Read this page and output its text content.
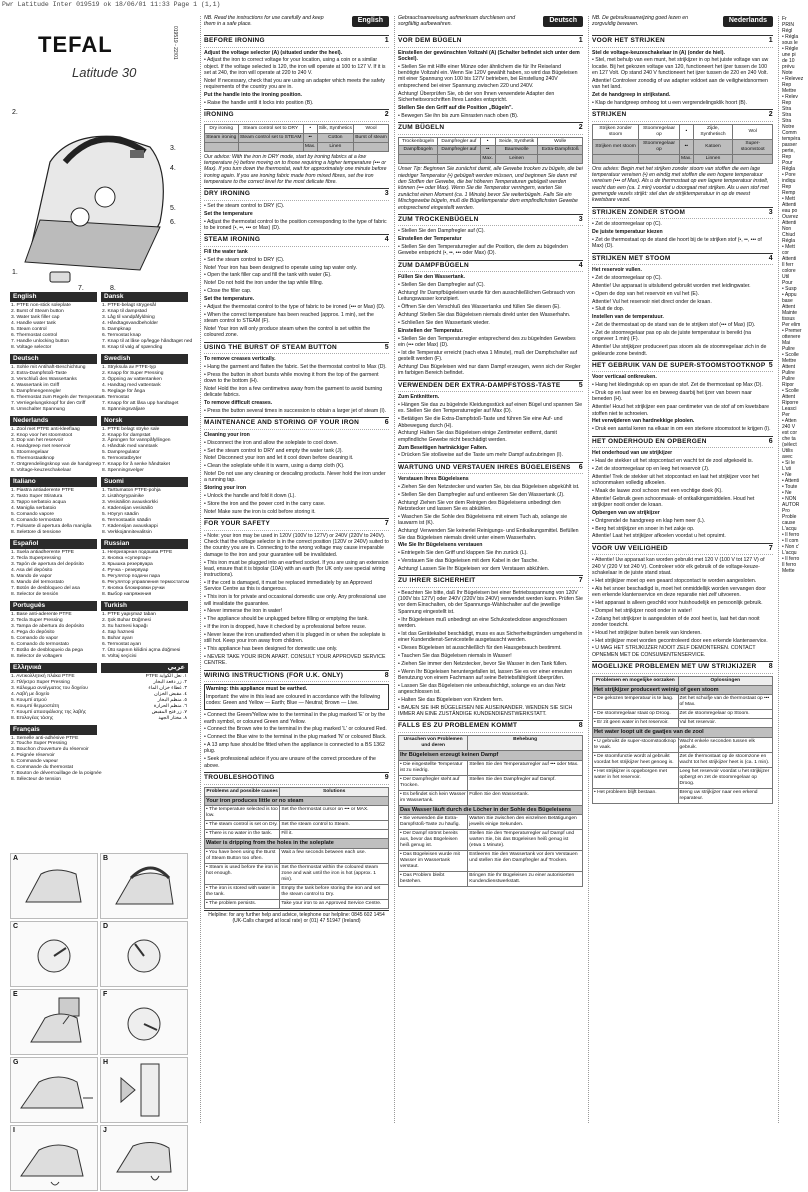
Pwr Latitude Inter 019519 ok 18/06/01 11:33 Page 1 (1,1)
TEFAL
Latitude 30
019519 - 22/01
1.
2.
3.
4.
5.
6.
7.	8.
English
1. PTFE non-stick soleplate
2. Burst of Steam button
3. Water tank filler cap
4. Handle water tank
5. Steam control
6. Thermostat control
7. Handle unlocking button
8. Voltage selector
Dansk
1. PTFE-belagt strygesål
2. Knap til dampstød
3. Låg til vandpåfyldning
4. Håndtagsvandbeholder
5. Dampknap
6. Termostat knap
7. Knap til at låse op/legge håndtaget ned
8. Knap til valg af spænding
Deutsch
1. Sohle mit Antihaft-Beschichtung
2. Extra-Dampfstoß-Taste
3. Verschluß des Wassertanks
4. Wassertank im Griff
5. Dampfmengenregler
6. Thermostat zum Regeln der Temperatur
7. Verriegelungsknopf für den Griff
8. Umschalter Spannung
Swedish
1. Stryksula av PTFE-typ
2. Knapp för Super Pressing
3. Öppning av vattentanken
4. Handtag med vattentank
5. Reglage för ånga
6. Termostat
7. Knapp för att låsa upp handtaget
8. Spänningsväljare
Nederlands
1. Zool met PTFE anti-kleeflaag
2. Knop voor het stoomstoot
3. Dop van het reservoir
4. Handgreep met reservoir
5. Stoomregelaar
6. Thermostaatknop
7. Ontgrendelingsknop van de handgreep
8. Voltage-keuzeschakelaar
Norsk
1. PTFE belagt stryke sale
2. Knapp for dampstøt
3. Åpningen for vannpåfyllingen
4. Håndtak med vanntank
5. Dampregulator
6. Termostatbryter
7. Knapp for å senke håndtaket
8. Spenningsvelger
Italiano
1. Piastra antiaderente PTFE
2. Tasto Super Stiratura
3. Tappo serbatoio acqua
4. Maniglia serbatoio
5. Comando vapore
6. Comando termostato
7. Pulsante di apertura della maniglia
8. Selettore di tensione
Suomi
1. Tarttumaton PTFE-pohja
2. Lisähöyrypainike
3. Vesisäiliön avauskorkki
4. Kädensijan vesisäiliö
5. Höyryn säädin
6. Termostaatin säädin
7. Kädensijan avauskappi
8. Verkkojännitevalitsin
Español
1. Suela antiadherente PTFE
2. Tecla Superpressing
3. Tapón de apertura del depósito
4. Asa del depósito
5. Mando de vapor
6. Mando del termostato
7. Botón de desbloqueo del asa
8. Selector de tensión
Russian
1. Непригарная подошва PTFE
2. Кнопка «суперпар»
3. Крышка резервуара
4. Ручка - резервуар
5. Регулятор подачи пара
6. Регулятор управления термостатом
7. Кнопка блокировки ручки
8. Выбор напряжения
Português
1. Base anti-aderente PTFE
2. Tecla Super Pressing
3. Tampa de abertura do depósito
4. Pega do depósito
5. Comando do vapor
6. Comando do termostato
7. Botão de desbloqueio da pega
8. Selector de voltagem
Turkish
1. PTFE yapışmaz taban
2. Şok Buhar Düğmesi
3. Su haznesi kapağı
4. Sap haznesi
5. Buhar ayarı
6. Termostat ayarı
7. Ütü sapının kilidini açma düğmesi
8. Voltaj seçicisi
Ελληνικά
1. Αντικολλητική πλάκα PTFE
2. Πλήκτρο Super Pressing
3. Κάλυμμα ανοίγματος του δοχείου
4. Λαβή με δοχείο
5. Κουμπί ατμού
6. Κουμπί θερμοστάτη
7. Κουμπί απασφάλισης της λαβής
8. Επιλογέας τάσης
عربي
١. نعل الكواية PTFE
٢. زر دفعة البخار
٣. غطاء خزان الماء
٤. مقبض الخزان
٥. منظم البخار
٦. منظم الحرارة
٧. زر فتح المقبض
٨. مختار الجهد
Français
1. Semelle anti-adhésive PTFE
2. Touche Super Pressing
3. Bouchon d'ouverture du réservoir
4. Poignée réservoir
5. Commande vapeur
6. Commande du thermostat
7. Bouton de déverrouillage de la poignée
8. Sélecteur de tension
A	B
C	D
E	F
G	H
I	J
NB. Read the instructions for use carefully and keep them in a safe place.	English
BEFORE IRONING	1

Adjust the voltage selector (A) (situated under the heel).

• Adjust the iron to correct voltage for your location, using a coin or a similar object. If the voltage selected is 120, the iron will operate at 100 to 127 V. If it is set at 240, the iron will operate at 220 to 240 V.

Note! If necessary, check that you are using an adapter which meets the safety requirements of the country you are in.

Put the handle into the ironing position.

• Raise the handle until it locks into position (B).

IRONING	2
Dry ironing	Steam control set to DRY	•	Silk, Synthetics	Wool
Steam ironing	Steam control set to STEAM	••	Cotton	Burst of steam
		Max.	Linen	

Our advice: With the iron in DRY mode, start by ironing fabrics at a low temperature (•) before moving on to those requiring a higher temperature (••• or Max). If you turn down the thermostat, wait for approximately one minute before ironing again. If you are ironing fabric made from mixed fibres, set the iron temperature to the correct level for the most delicate fibre.

DRY IRONING	3

• Set the steam control to DRY (C).

Set the temperature

• Adjust the thermostat control to the position corresponding to the type of fabric to be ironed (•, ••, ••• or Max) (D).

STEAM IRONING	4

Fill the water tank

• Set the steam control to DRY (C).

Note! Your iron has been designed to operate using tap water only.

• Open the tank filler cap and fill the tank with water (E).

Note! Do not hold the iron under the tap while filling.

• Close the filler cap.

Set the temperature.

• Adjust the thermostat control to the type of fabric to be ironed (••• or Max) (D).

• When the correct temperature has been reached (approx. 1 min), set the steam control to STEAM (F).

Note! Your iron will only produce steam when the control is set within the coloured zone.

USING THE BURST OF STEAM BUTTON	5

To remove creases vertically.

• Hang the garment and flatten the fabric. Set the thermostat control to Max (D).

• Press the button in short bursts while moving it from the top of the garment down to the bottom (H).

Note! Hold the iron a few centimetres away from the garment to avoid burning delicate fabrics.

To remove difficult creases.

• Press the button several times in succession to obtain a larger jet of steam (I).

MAINTENANCE AND STORING OF YOUR IRON	6

Cleaning your iron

• Disconnect the iron and allow the soleplate to cool down.

• Set the steam control to DRY and empty the water tank (J).

Note! Disconnect your iron and let it cool down before cleaning it.

• Clean the soleplate while it is warm, using a damp cloth (K).

Note! Do not use any cleaning or descaling products. Never hold the iron under a running tap.

Storing your iron

• Unlock the handle and fold it down (L).

• Store the iron and the power cord in the carry case.

Note! Make sure the iron is cold before storing it.

FOR YOUR SAFETY	7

• Note: your iron may be used in 120V (100V to 127V) or 240V (220V to 240V). Check that the voltage selector is in the correct position (120V or 240V) suited to the country you are in. Connecting to the wrong voltage may cause irreparable damage to the iron and your guarantee will be invalidated.

• This iron must be plugged into an earthed socket. If you are using an extension lead, ensure that it is bipolar (10A) with an earth (for UK only see special wiring instructions).

• If the cord is damaged, it must be replaced immediately by an Approved Service Centre as this is dangerous.

• This iron is for private and occasional domestic use only. Any professional use will invalidate the guarantee.

• Never immerse the iron in water!

• The appliance should be unplugged before filling or emptying the tank.

• If the iron is dropped, have it checked by a professional before reuse.

• Never leave the iron unattended when it is plugged in or when the soleplate is still hot. Keep your iron away from children.

• This appliance has been designed for domestic use only.

• NEVER TAKE YOUR IRON APART. CONSULT YOUR APPROVED SERVICE CENTRE.

WIRING INSTRUCTIONS (FOR U.K. ONLY)	8

Warning: this appliance must be earthed.

Important: the wire in this lead are coloured in accordance with the following codes: Green and Yellow — Earth; Blue — Neutral; Brown — Live.

• Connect the Green/Yellow wire to the terminal in the plug marked 'E' or by the earth symbol, or coloured Green and Yellow.

• Connect the Brown wire to the terminal in the plug marked 'L' or coloured Red.

• Connect the Blue wire to the terminal in the plug marked 'N' or coloured Black.

• A 13 amp fuse should be fitted when the appliance is connected to a BS 1362 plug.

• Seek professional advice if you are unsure of the correct procedure of the above.

TROUBLESHOOTING	9
Problems and possible causes	Solutions
Your iron produces little or no steam	
• The temperature selected is too low.	Set the thermostat cursor on ••• or MAX.
• The steam control is set on Dry.	Set the steam control to Steam.
• There is no water in the tank.	Fill it.
Water is dripping from the holes in the soleplate	
• You have been using the Burst of Steam Button too often.	Wait a few seconds between each use.
• Steam is used before the iron is hot enough.	Set the thermostat within the coloured steam zone and wait until the iron is hot (approx. 1 min).
• The iron is stored with water in the tank.	Empty the tank before storing the iron and set the steam control to Dry.
• The problem persists.	Take your iron to an Approved Service Centre.
Helpline: for any further help and advice, telephone our helpline: 0845 602 1454 (UK-Calls charged at local rate) or (01) 47 51947 (Ireland)
Gebrauchsanweisung aufmerksam durchlesen und sorgfältig aufbewahren.	Deutsch
VOR DEM BÜGELN	1

Einstellen der gewünschten Voltzahl (A) (Schalter befindet sich unter dem Sockel).

• Stellen Sie mit Hilfe einer Münze oder ähnlichem die für Ihr Reiseland benötigte Voltzahl ein. Wenn Sie 120V gewählt haben, so wird das Bügeleisen mit einer Spannung von 100 bis 127V betrieben, bei Einstellung 240V entsprechend bei einer Spannung zwischen 220 und 240V.

Achtung! Überprüfen Sie, ob der von Ihnen verwendete Adapter den Sicherheitsvorschriften Ihres Landes entspricht.

Stellen Sie den Griff auf die Position „Bügeln".

• Bewegen Sie ihn bis zum Einrasten nach oben (B).

ZUM BÜGELN	2
Trockenbügeln	Dampfregler auf	•	Seide, Synthetik	Wolle
Dampfbügeln	Dampfregler auf	••	Baumwolle	Extra-Dampfstoß
		Max.	Leinen	

Unser Tip: Beginnen Sie zunächst damit, alle Gewebe trocken zu bügeln, die bei niedriger Temperatur (•) gebügelt werden müssen, und beginnen Sie dann mit den Stoffen der Gewebe, die bei höheren Temperaturen gebügelt werden können (••• oder Max). Wenn Sie die Temperatur verringern, warten Sie zunächst einen Moment (ca. 1 Minute) bevor Sie weiterbügeln. Falls Sie ein Mischgewebe bügeln, muß die Bügeltemperatur dem empfindlichsten Gewebe entsprechend eingestellt werden.

ZUM TROCKENBÜGELN	3

• Stellen Sie den Dampfregler auf (C).

Einstellen der Temperatur

• Stellen Sie den Temperaturregler auf die Position, die dem zu bügelnden Gewebe entspricht (•, ••, ••• oder Max) (D).

ZUM DAMPFBÜGELN	4

Füllen Sie den Wassertank.

• Stellen Sie den Dampfregler auf (C).

Achtung! Ihr Dampfbügeleisen wurde für den ausschließlichen Gebrauch von Leitungswasser konzipiert.

• Öffnen Sie den Verschluß des Wassertanks und füllen Sie diesen (E).

Achtung! Stellen Sie das Bügeleisen niemals direkt unter den Wasserhahn.

• Schließen Sie den Wassertank wieder.

Einstellen der Temperatur.

• Stellen Sie den Temperaturregler entsprechend des zu bügelnden Gewebes ein (••• oder Max) (D).

• Ist die Temperatur erreicht (nach etwa 1 Minute), muß der Dampfschalter auf gestellt werden (F).

Achtung! Das Bügeleisen wird nur dann Dampf erzeugen, wenn sich der Regler im farbigen Bereich befindet.

VERWENDEN DER EXTRA-DAMPFSTOSS-TASTE	5

Zum Entknittern.

• Hängen Sie das zu bügelnde Kleidungsstück auf einen Bügel und spannen Sie es. Stellen Sie den Temperaturregler auf Max (D).

• Betätigen Sie die Extra-Dampfstoß-Taste und führen Sie eine Auf- und Abbewegung durch (H).

Achtung! Halten Sie das Bügeleisen einige Zentimeter entfernt, damit empfindliche Gewebe nicht beschädigt werden.

Zum Beseitigen hartnäckiger Falten.

• Drücken Sie stoßweise auf die Taste um mehr Dampf aufzubringen (I).

WARTUNG UND VERSTAUEN IHRES BÜGELEISENS 6

Verstauen Ihres Bügeleisens

• Ziehen Sie den Netzstecker und warten Sie, bis das Bügeleisen abgekühlt ist.

• Stellen Sie den Dampfregler auf und entleeren Sie den Wassertank (J).

Achtung! Ziehen Sie vor dem Reinigen des Bügeleisens unbedingt den Netzstecker und lassen Sie es abkühlen.

• Waschen Sie die Sohle des Bügeleisens mit einem Tuch ab, solange sie lauwarm ist (K).

Achtung! Verwenden Sie keinerlei Reinigungs- und Entkalkungsmittel. Befüllen Sie das Bügeleisen niemals direkt unter einem Wasserhahn.

Wie Sie Ihr Bügeleisens verstauen

• Entriegeln Sie den Griff und klappen Sie ihn zurück (L).

• Verstauen Sie das Bügeleisen mit dem Kabel in der Tasche.

Achtung! Lassen Sie Ihr Bügeleisen vor dem Verstauen abkühlen.

ZU IHRER SICHERHEIT	7

• Beachten Sie bitte, daß Ihr Bügeleisen bei einer Betriebsspannung von 120V (100V bis 127V) oder 240V (220V bis 240V) verwendet werden kann. Prüfen Sie vor dem Einschalten, ob der Spannungs-Wählschalter auf die jeweilige Spannung eingestellt ist.

• Ihr Bügeleisen muß unbedingt an eine Schukosteckdose angeschlossen werden.

• Ist das Gerätekabel beschädigt, muss es aus Sicherheitsgründen umgehend in einer Kundendienst-Servicestelle ausgetauscht werden.

• Dieses Bügeleisen ist ausschließlich für den Hausgebrauch bestimmt.

• Tauchen Sie das Bügeleisen niemals in Wasser!

• Ziehen Sie immer den Netzstecker, bevor Sie Wasser in den Tank füllen.

• Wenn Ihr Bügeleisen heruntergefallen ist, lassen Sie es vor einer erneuten Benutzung von einem Fachmann auf seine Betriebsfähigkeit überprüfen.

• Lassen Sie das Bügeleisen nie unbeaufsichtigt, solange es an das Netz angeschlossen ist.

• Halten Sie das Bügeleisen von Kindern fern.

• BAUEN SIE IHR BÜGELEISEN NIE AUSEINANDER. WENDEN SIE SICH IMMER AN EINE ZUSTÄNDIGE KUNDENDIENSTWERKSTATT.

FALLS ES ZU PROBLEMEN KOMMT	8
Ursachen von Problemen und deren	Behebung
Ihr Bügeleisen erzeugt keinen Dampf	
• Die eingestellte Temperatur ist zu niedrig.	Stellen Sie den Temperaturregler auf ••• oder Max.
• Der Dampfregler steht auf Trocken.	Stellen Sie den Dampfregler auf Dampf.
• Es befindet sich kein Wasser im Wassertank.	Füllen Sie den Wassertank.
Das Wasser läuft durch die Löcher in der Sohle des Bügeleisens	
• Sie verwenden die Extra-Dampfstoß-Taste zu häufig.	Warten Sie zwischen den einzelnen Betätigungen jeweils einige Sekunden.
• Der Dampf strömt bereits aus, bevor das Bügeleisen heiß genug ist.	Stellen Sie den Temperaturregler auf Dampf und warten Sie, bis das Bügeleisen heiß genug ist (etwa 1 Minute).
• Das Bügeleisen wurde mit Wasser im Wassertank verstaut.	Entleeren Sie den Wassertank vor dem Verstauen und stellen Sie den Dampfregler auf Trocken.
• Das Problem bleibt bestehen.	Bringen Sie Ihr Bügeleisen zu einer autorisierten Kundendienstwerkstatt.
NB. De gebruiksaanwijzing goed lezen en zorgvuldig bewaren.	Nederlands
VOOR HET STRIJKEN	1

Stel de voltage-keuzeschakelaar in (A) (onder de hiel).

• Stel, met behulp van een munt, het strijkijzer in op het juiste voltage van uw locatie. Bij het gekozen voltage van 120, functioneert het ijzer tussen de 100 en 127 Volt. Op stand 240 V functioneert het ijzer tussen de 220 en 240 Volt.

Attentie! Controleer zonodig of uw adapter voldoet aan de veiligheidsnormen van het land.

Zet de handgreep in strijkstand.

• Klap de handgreep omhoog tot u een vergrendelingsklik hoort (B).

STRIJKEN	2
Strijken zonder stoom	Stoomregelaar op	•	Zijde, Synthetisch	Wol
Strijken met stoom	Stoomregelaar op	••	Katoen	Super-stoomstoot
		Max.	Linnen	

Ons advies: Begin met het strijken zonder stoom van stoffen die een lage temperatuur vereisen (•) en eindig met stoffen die een hogere temperatuur vereisen (••• of Max). Als u de thermostaat op een lagere temperatuur instelt, wacht dan een (ca. 1 min) voordat u doorgaat met strijken. Als u een stof met gemengde vezels strijkt: stel dan de strijktemperatuur in op de meest kwetsbare vezel.

STRIJKEN ZONDER STOOM	3

• Zet de stoomregelaar op (C).

De juiste temperatuur kiezen

• Zet de thermostaat op de stand die hoort bij de te strijken stof (•, ••, ••• of Max) (D).

STRIJKEN MET STOOM	4

Het reservoir vullen.

• Zet de stoomregelaar op (C).

Attentie! Uw apparaat is uitsluitend gebruikt worden met leidingwater.

• Open de dop van het reservoir en vul het (E).

Attentie! Vul het reservoir niet direct onder de kraan.

• Sluit de dop.

Instellen van de temperatuur.

• Zet de thermostaat op de stand van de te strijken stof (••• of Max) (D).

• Zet de stoomregelaar pas op als de juiste temperatuur is bereikt (na ongeveer 1 min) (F).

Attentie! Uw strijkijzer produceert pas stoom als de stoomregelaar zich in de gekleurde zone bevindt.

HET GEBRUIK VAN DE SUPER-STOOMSTOOTKNOP 5

Voor verticaal ontkreuken.

• Hang het kledingstuk op en span de stof. Zet de thermostaat op Max (D).

• Druk op en laat weer los en beweeg daarbij het ijzer van boven naar beneden (H).

Attentie! Houd het strijkijzer een paar centimeter van de stof af om kwetsbare stoffen niet te schroeien.

Het verwijderen van hardnekkige plooien.

• Druk een aantal keren na elkaar in om een sterkere stoomstoot te krijgen (I).

HET ONDERHOUD EN OPBERGEN	6

Het onderhoud van uw strijkijzer

• Haal de stekker uit het stopcontact en wacht tot de zool afgekoeld is.

• Zet de stoomregelaar op en leeg het reservoir (J).

Attentie! Trek de stekker uit het stopcontact en laat het strijkijzer voor het schoonmaken volledig afkoelen.

• Maak de lauwe zool schoon met een vochtige doek (K).

Attentie! Gebruik geen schoonmaak- of ontkalkingsmiddelen. Houd het strijkijzer nooit onder de kraan.

Opbergen van uw strijkijzer

• Ontgrendel de handgreep en klap hem neer (L).

• Berg het strijkijzer en snoer in het zakje op.

Attentie! Laat het strijkijzer afkoelen voordat u het opruimt.

VOOR UW VEILIGHEID	7

• Attentie! Uw apparaat kan worden gebruikt met 120 V (100 V tot 127 V) of 240 V (220 V tot 240 V). Controleer vóór elk gebruik of de voltage-keuze-schakelaar in de juiste stand staat.

• Het strijkijzer moet op een geaard stopcontact te worden aangesloten.

• Als het snoer beschadigd is, moet het onmiddellijk worden vervangen door een erkende klantenservice en deze reparatie niet zelf uitvoeren.

• Het apparaat is alleen geschikt voor huishoudelijk en persoonlijk gebruik.

• Dompel het strijkijzer nooit onder in water!

• Zolang het strijkijzer is aangesloten of de zool heet is, laat het dan nooit zonder toezicht.

• Houd het strijkijzer buiten bereik van kinderen.

• Het strijkijzer moet worden gecontroleerd door een erkende klantenservice.

• U MAG HET STRIJKIJZER NOOIT ZELF DEMONTEREN. CONTACT OPNEMEN MET DE CONSUMENTENSERVICE.

MOGELIJKE PROBLEMEN MET UW STRIJKIJZER 8
Problemen en mogelijke oorzaken	Oplossingen
Het strijkijzer produceert weinig of geen stoom	
• De gekozen temperatuur is te laag.	Zet het schuifje van de thermostaat op ••• of Max.
• De stoomregelaar staat op Droog.	Zet de stoomregelaar op Stoom.
• Er zit geen water in het reservoir.	Vul het reservoir.
Het water loopt uit de gaatjes van de zool	
• U gebruikt de super-stoomstootknop te vaak.	Wacht enkele seconden tussen elk gebruik.
• De stoomfunctie wordt al gebruikt voordat het strijkijzer heet genoeg is.	Zet de thermostaat op de stoomzone en wacht tot het strijkijzer heet is (ca. 1 min).
• Het strijkijzer is opgeborgen met water in het reservoir.	Leeg het reservoir voordat u het strijkijzer opbergt en zet de stoomregelaar op Droog.
• Het probleem blijft bestaan.	Breng uw strijkijzer naar een erkend reparateur.
Fr
PRIN
Régl
• Régla
sous le
• Régle
une pi
de 10
prévu
Note
• Relevez
Rep
Mettre
• Relev
Rep
Stra
Stra
Stra
Notre
Comm
tempéra
passer
perte,
Rep
Pour
Régla
• Pore
indiqu
Rep
Remp
• Mett
Attenti
eau po
Ouvrez
Attenti
Non
Chiud
Régla
• Mett
cor
Attenti
Il ferr
colore
Util
Pour
• Susp
• Appu
base
Attent
Mainte
tissus
Per elim
• Premer
ottenere
Mai
Pulire
• Scolle
Mettre
Attent
Pulire
Pulire
Ripor
• Scolle
Attent
Riporre
Leasci
Per
• Atten
240 V
est cor
che ta
(sélect
Utilis
avec
• Si le
L'uti
• Ne
• Attenti
• Toute
• Ne
• NON
AUTOR
Pro
Proble
cause
L'acqu
• Il ferro
• Il com
• Non c'
L'acqu
• Il ferro
Il ferro
Mette
